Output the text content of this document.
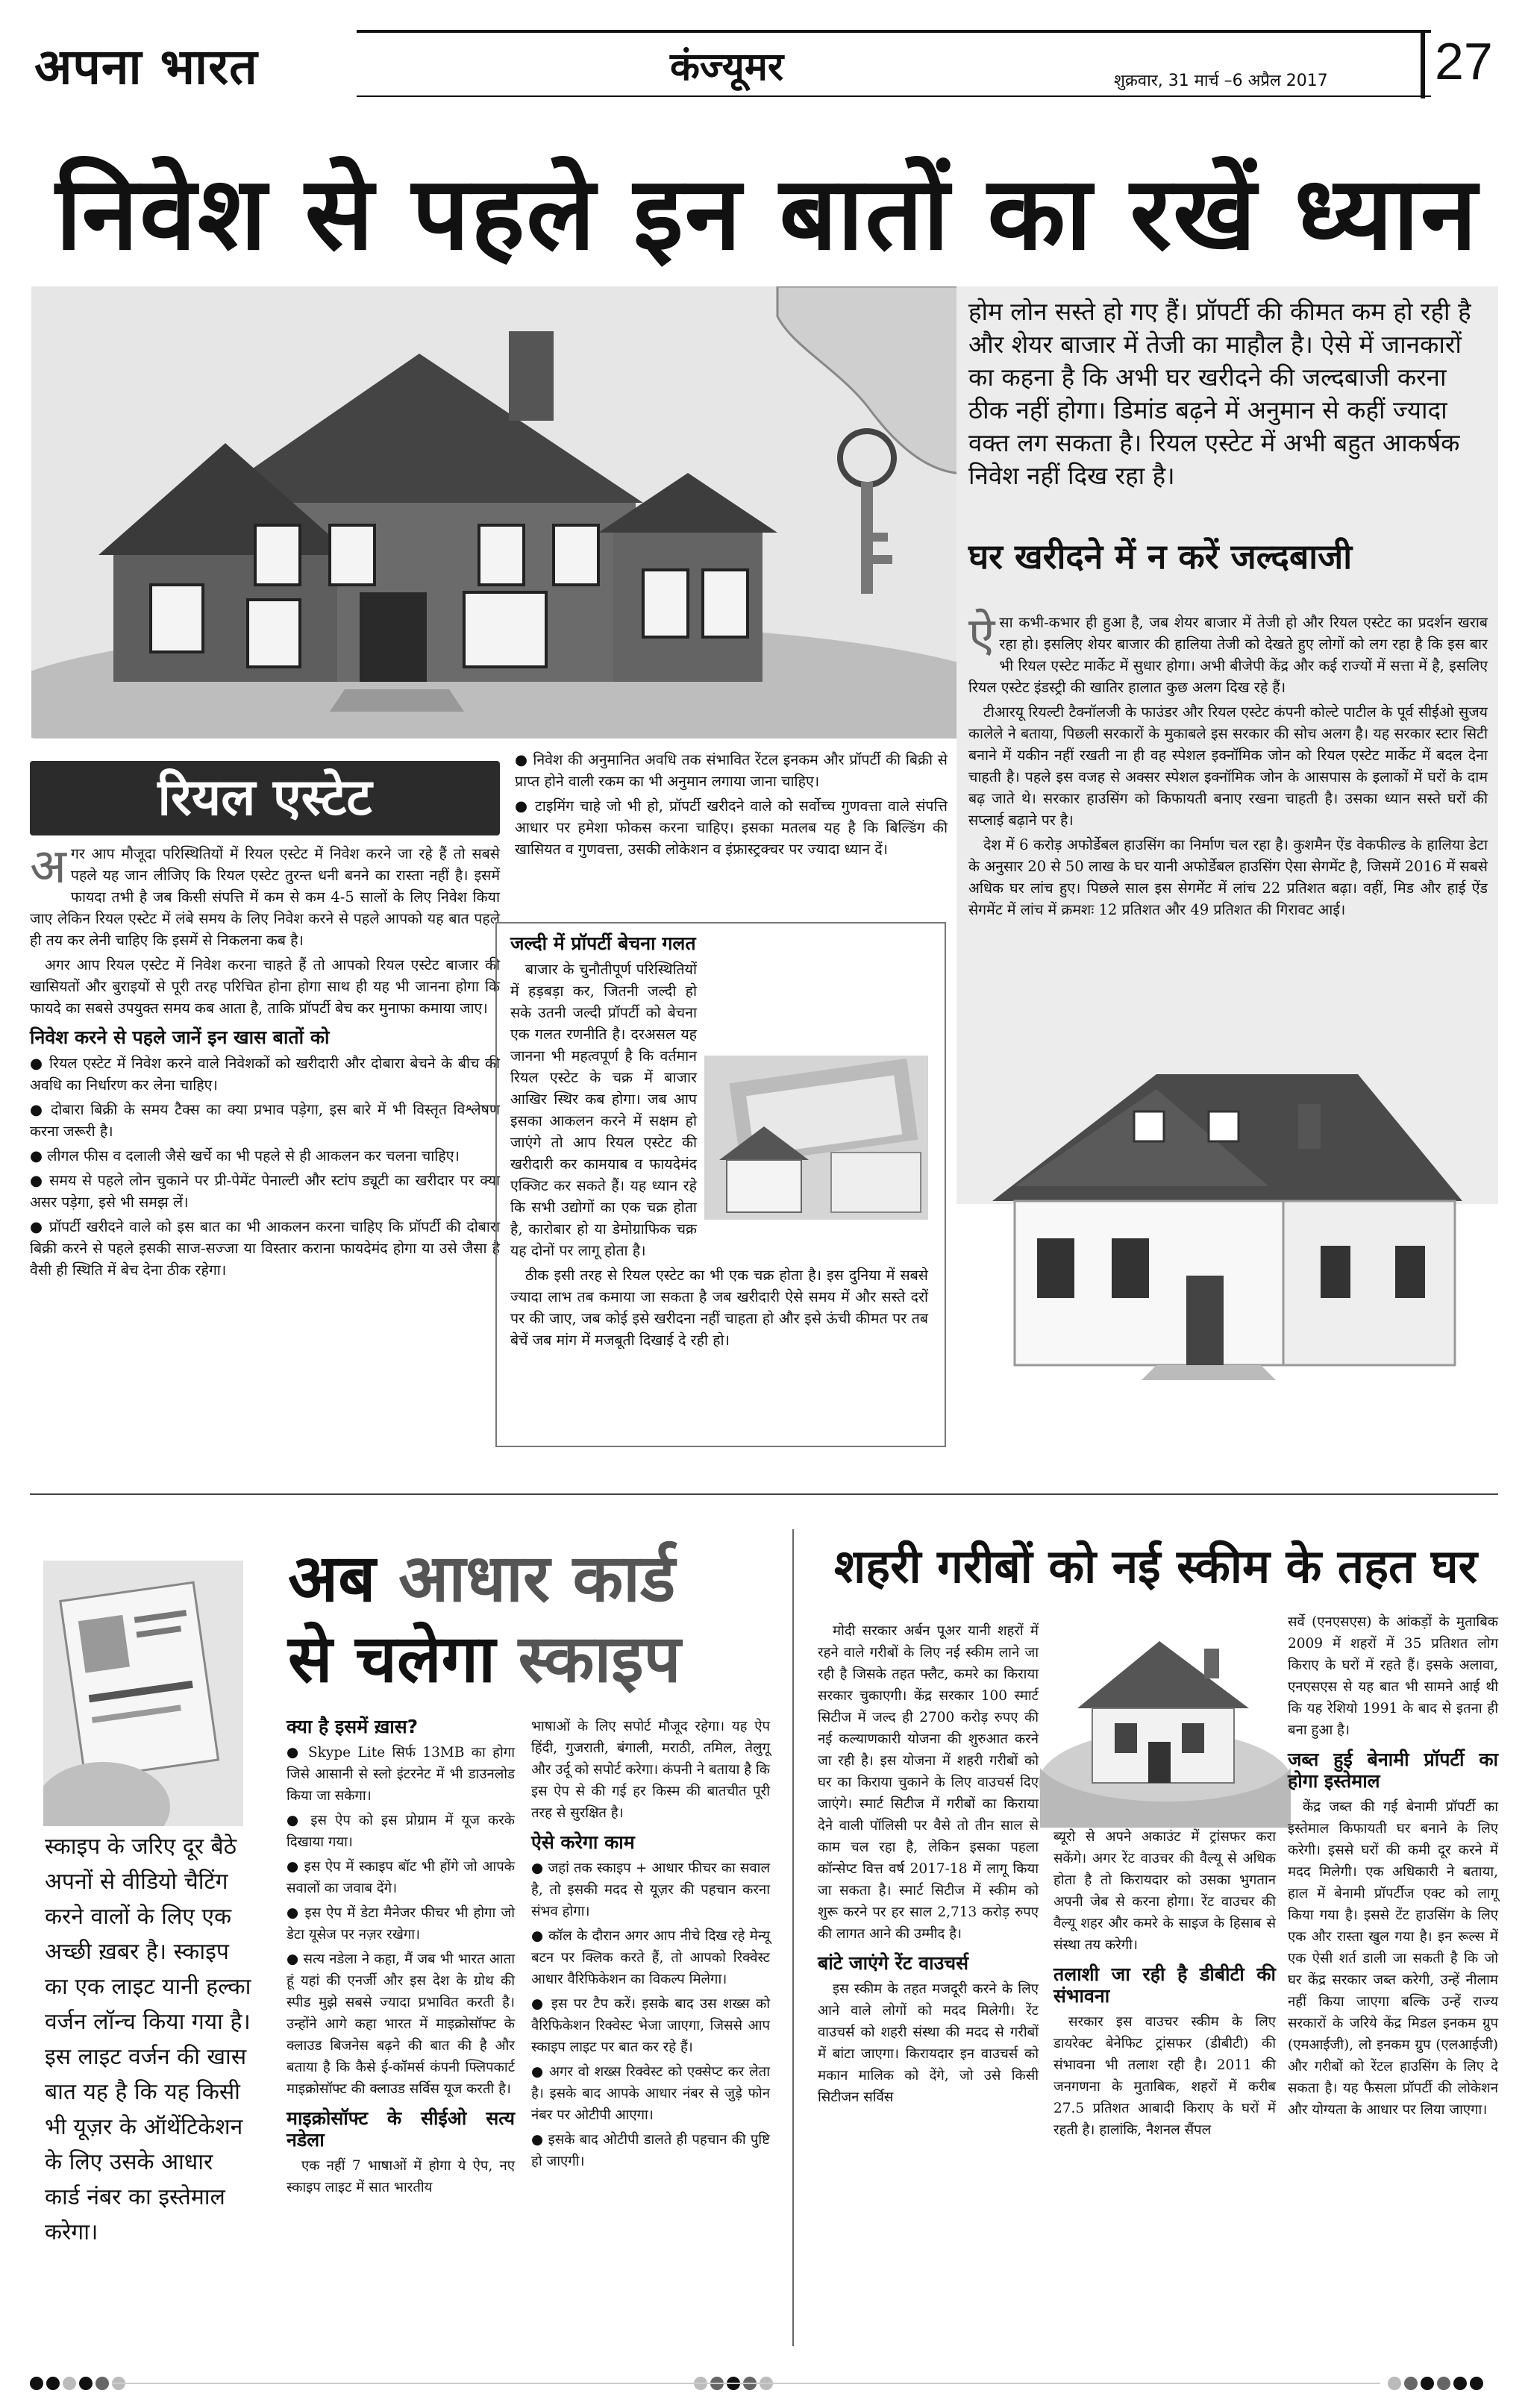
अपना भारत	कंज्यूमर	शुक्रवार, 31 मार्च –6 अप्रैल 2017 27
निवेश से पहले इन बातों का रखें ध्यान
होम लोन सस्ते हो गए हैं। प्रॉपर्टी की कीमत कम हो रही है और शेयर बाजार में तेजी का माहौल है। ऐसे में जानकारों का कहना है कि अभी घर खरीदने की जल्दबाजी करना ठीक नहीं होगा। डिमांड बढ़ने में अनुमान से कहीं ज्यादा वक्त लग सकता है। रियल एस्टेट में अभी बहुत आकर्षक निवेश नहीं दिख रहा है।
घर खरीदने में न करें जल्दबाजी

ऐसा कभी-कभार ही हुआ है, जब शेयर बाजार में तेजी हो और रियल एस्टेट का प्रदर्शन खराब रहा हो। इसलिए शेयर बाजार की हालिया तेजी को देखते हुए लोगों को लग रहा है कि इस बार भी रियल एस्टेट मार्केट में सुधार होगा। अभी बीजेपी केंद्र और कई राज्यों में सत्ता में है, इसलिए रियल एस्टेट इंडस्ट्री की खातिर हालात कुछ अलग दिख रहे हैं।

टीआरयू रियल्टी टैक्नॉलजी के फाउंडर और रियल एस्टेट कंपनी कोल्टे पाटील के पूर्व सीईओ सुजय कालेले ने बताया, पिछली सरकारों के मुकाबले इस सरकार की सोच अलग है। यह सरकार स्टार सिटी बनाने में यकीन नहीं रखती ना ही वह स्पेशल इक्नॉमिक जोन को रियल एस्टेट मार्केट में बदल देना चाहती है। पहले इस वजह से अक्सर स्पेशल इक्नॉमिक जोन के आसपास के इलाकों में घरों के दाम बढ़ जाते थे। सरकार हाउसिंग को किफायती बनाए रखना चाहती है। उसका ध्यान सस्ते घरों की सप्लाई बढ़ाने पर है।

देश में 6 करोड़ अफोर्डेबल हाउसिंग का निर्माण चल रहा है। कुशमैन ऐंड वेकफील्ड के हालिया डेटा के अनुसार 20 से 50 लाख के घर यानी अफोर्डेबल हाउसिंग ऐसा सेगमेंट है, जिसमें 2016 में सबसे अधिक घर लांच हुए। पिछले साल इस सेगमेंट में लांच 22 प्रतिशत बढ़ा। वहीं, मिड और हाई ऐंड सेगमेंट में लांच में क्रमशः 12 प्रतिशत और 49 प्रतिशत की गिरावट आई।

रियल एस्टेट

अगर आप मौजूदा परिस्थितियों में रियल एस्टेट में निवेश करने जा रहे हैं तो सबसे पहले यह जान लीजिए कि रियल एस्टेट तुरन्त धनी बनने का रास्ता नहीं है। इसमें फायदा तभी है जब किसी संपत्ति में कम से कम 4-5 सालों के लिए निवेश किया जाए लेकिन रियल एस्टेट में लंबे समय के लिए निवेश करने से पहले आपको यह बात पहले ही तय कर लेनी चाहिए कि इसमें से निकलना कब है।

अगर आप रियल एस्टेट में निवेश करना चाहते हैं तो आपको रियल एस्टेट बाजार की खासियतों और बुराइयों से पूरी तरह परिचित होना होगा साथ ही यह भी जानना होगा कि फायदे का सबसे उपयुक्त समय कब आता है, ताकि प्रॉपर्टी बेच कर मुनाफा कमाया जाए।

निवेश करने से पहले जानें इन खास बातों को

● रियल एस्टेट में निवेश करने वाले निवेशकों को खरीदारी और दोबारा बेचने के बीच की अवधि का निर्धारण कर लेना चाहिए।

● दोबारा बिक्री के समय टैक्स का क्या प्रभाव पड़ेगा, इस बारे में भी विस्तृत विश्लेषण करना जरूरी है।

● लीगल फीस व दलाली जैसे खर्चे का भी पहले से ही आकलन कर चलना चाहिए।

● समय से पहले लोन चुकाने पर प्री-पेमेंट पेनाल्टी और स्टांप ड्यूटी का खरीदार पर क्या असर पड़ेगा, इसे भी समझ लें।

● प्रॉपर्टी खरीदने वाले को इस बात का भी आकलन करना चाहिए कि प्रॉपर्टी की दोबारा बिक्री करने से पहले इसकी साज-सज्जा या विस्तार कराना फायदेमंद होगा या उसे जैसा है वैसी ही स्थिति में बेच देना ठीक रहेगा।

● निवेश की अनुमानित अवधि तक संभावित रेंटल इनकम और प्रॉपर्टी की बिक्री से प्राप्त होने वाली रकम का भी अनुमान लगाया जाना चाहिए।

● टाइमिंग चाहे जो भी हो, प्रॉपर्टी खरीदने वाले को सर्वोच्च गुणवत्ता वाले संपत्ति आधार पर हमेशा फोकस करना चाहिए। इसका मतलब यह है कि बिल्डिंग की खासियत व गुणवत्ता, उसकी लोकेशन व इंफ्रास्ट्रक्चर पर ज्यादा ध्यान दें।

जल्दी में प्रॉपर्टी बेचना गलत

बाजार के चुनौतीपूर्ण परिस्थितियों में हड़बड़ा कर, जितनी जल्दी हो सके उतनी जल्दी प्रॉपर्टी को बेचना एक गलत रणनीति है। दरअसल यह जानना भी महत्वपूर्ण है कि वर्तमान रियल एस्टेट के चक्र में बाजार आखिर स्थिर कब होगा। जब आप इसका आकलन करने में सक्षम हो जाएंगे तो आप रियल एस्टेट की खरीदारी कर कामयाब व फायदेमंद एक्जिट कर सकते हैं। यह ध्यान रहे कि सभी उद्योगों का एक चक्र होता है, कारोबार हो या डेमोग्राफिक चक्र यह दोनों पर लागू होता है।

ठीक इसी तरह से रियल एस्टेट का भी एक चक्र होता है। इस दुनिया में सबसे ज्यादा लाभ तब कमाया जा सकता है जब खरीदारी ऐसे समय में और सस्ते दरों पर की जाए, जब कोई इसे खरीदना नहीं चाहता हो और इसे ऊंची कीमत पर तब बेचें जब मांग में मजबूती दिखाई दे रही हो।

स्काइप के जरिए दूर बैठे अपनों से वीडियो चैटिंग करने वालों के लिए एक अच्छी ख़बर है। स्काइप का एक लाइट यानी हल्का वर्जन लॉन्च किया गया है। इस लाइट वर्जन की खास बात यह है कि यह किसी भी यूज़र के ऑथेंटिकेशन के लिए उसके आधार कार्ड नंबर का इस्तेमाल करेगा।
अब आधार कार्ड
से चलेगा स्काइप
क्या है इसमें ख़ास?

● Skype Lite सिर्फ 13MB का होगा जिसे आसानी से स्लो इंटरनेट में भी डाउनलोड किया जा सकेगा।

● इस ऐप को इस प्रोग्राम में यूज करके दिखाया गया।

● इस ऐप में स्काइप बॉट भी होंगे जो आपके सवालों का जवाब देंगे।

● इस ऐप में डेटा मैनेजर फीचर भी होगा जो डेटा यूसेज पर नज़र रखेगा।

● सत्य नडेला ने कहा, मैं जब भी भारत आता हूं यहां की एनर्जी और इस देश के ग्रोथ की स्पीड मुझे सबसे ज्यादा प्रभावित करती है। उन्होंने आगे कहा भारत में माइक्रोसॉफ्ट के क्लाउड बिजनेस बढ़ने की बात की है और बताया है कि कैसे ई-कॉमर्स कंपनी फ्लिपकार्ट माइक्रोसॉफ्ट की क्लाउड सर्विस यूज करती है।

माइक्रोसॉफ्ट के सीईओ सत्य नडेला

एक नहीं 7 भाषाओं में होगा ये ऐप, नए स्काइप लाइट में सात भारतीय

भाषाओं के लिए सपोर्ट मौजूद रहेगा। यह ऐप हिंदी, गुजराती, बंगाली, मराठी, तमिल, तेलुगू और उर्दू को सपोर्ट करेगा। कंपनी ने बताया है कि इस ऐप से की गई हर किस्म की बातचीत पूरी तरह से सुरक्षित है।

ऐसे करेगा काम

● जहां तक स्काइप + आधार फीचर का सवाल है, तो इसकी मदद से यूज़र की पहचान करना संभव होगा।

● कॉल के दौरान अगर आप नीचे दिख रहे मेन्यू बटन पर क्लिक करते हैं, तो आपको रिक्वेस्ट आधार वैरिफिकेशन का विकल्प मिलेगा।

● इस पर टैप करें। इसके बाद उस शख्स को वैरिफिकेशन रिक्वेस्ट भेजा जाएगा, जिससे आप स्काइप लाइट पर बात कर रहे हैं।

● अगर वो शख्स रिक्वेस्ट को एक्सेप्ट कर लेता है। इसके बाद आपके आधार नंबर से जुड़े फोन नंबर पर ओटीपी आएगा।

● इसके बाद ओटीपी डालते ही पहचान की पुष्टि हो जाएगी।

शहरी गरीबों को नई स्कीम के तहत घर

मोदी सरकार अर्बन पूअर यानी शहरों में रहने वाले गरीबों के लिए नई स्कीम लाने जा रही है जिसके तहत फ्लैट, कमरे का किराया सरकार चुकाएगी। केंद्र सरकार 100 स्मार्ट सिटीज में जल्द ही 2700 करोड़ रुपए की नई कल्याणकारी योजना की शुरुआत करने जा रही है। इस योजना में शहरी गरीबों को घर का किराया चुकाने के लिए वाउचर्स दिए जाएंगे। स्मार्ट सिटीज में गरीबों का किराया देने वाली पॉलिसी पर वैसे तो तीन साल से काम चल रहा है, लेकिन इसका पहला कॉन्सेप्ट वित्त वर्ष 2017-18 में लागू किया जा सकता है। स्मार्ट सिटीज में स्कीम को शुरू करने पर हर साल 2,713 करोड़ रुपए की लागत आने की उम्मीद है।

बांटे जाएंगे रेंट वाउचर्स

इस स्कीम के तहत मजदूरी करने के लिए आने वाले लोगों को मदद मिलेगी। रेंट वाउचर्स को शहरी संस्था की मदद से गरीबों में बांटा जाएगा। किरायदार इन वाउचर्स को मकान मालिक को देंगे, जो उसे किसी सिटीजन सर्विस

ब्यूरो से अपने अकाउंट में ट्रांसफर करा सकेंगे। अगर रेंट वाउचर की वैल्यू से अधिक होता है तो किरायदार को उसका भुगतान अपनी जेब से करना होगा। रेंट वाउचर की वैल्यू शहर और कमरे के साइज के हिसाब से संस्था तय करेगी।

तलाशी जा रही है डीबीटी की संभावना

सरकार इस वाउचर स्कीम के लिए डायरेक्ट बेनेफिट ट्रांसफर (डीबीटी) की संभावना भी तलाश रही है। 2011 की जनगणना के मुताबिक, शहरों में करीब 27.5 प्रतिशत आबादी किराए के घरों में रहती है। हालांकि, नैशनल सैंपल

सर्वे (एनएसएस) के आंकड़ों के मुताबिक 2009 में शहरों में 35 प्रतिशत लोग किराए के घरों में रहते हैं। इसके अलावा, एनएसएस से यह बात भी सामने आई थी कि यह रेशियो 1991 के बाद से इतना ही बना हुआ है।

जब्त हुई बेनामी प्रॉपर्टी का होगा इस्तेमाल

केंद्र जब्त की गई बेनामी प्रॉपर्टी का इस्तेमाल किफायती घर बनाने के लिए करेगी। इससे घरों की कमी दूर करने में मदद मिलेगी। एक अधिकारी ने बताया, हाल में बेनामी प्रॉपर्टीज एक्ट को लागू किया गया है। इससे टेंट हाउसिंग के लिए एक और रास्ता खुल गया है। इन रूल्स में एक ऐसी शर्त डाली जा सकती है कि जो घर केंद्र सरकार जब्त करेगी, उन्हें नीलाम नहीं किया जाएगा बल्कि उन्हें राज्य सरकारों के जरिये केंद्र मिडल इनकम ग्रुप (एमआईजी), लो इनकम ग्रुप (एलआईजी) और गरीबों को रेंटल हाउसिंग के लिए दे सकता है। यह फैसला प्रॉपर्टी की लोकेशन और योग्यता के आधार पर लिया जाएगा।
